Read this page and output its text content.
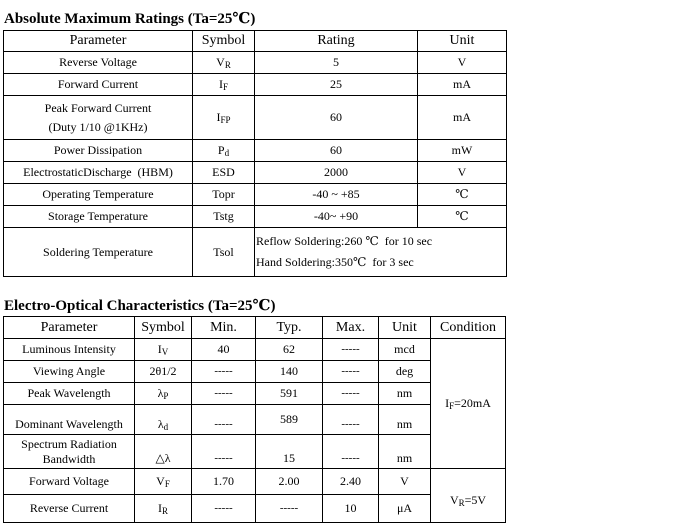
Absolute Maximum Ratings (Ta=25℃)
Parameter	Symbol	Rating	Unit
Reverse Voltage	$V_R$	5	V
Forward Current	$I_F$	25	mA

Peak Forward Current
(Duty 1/10 @1KHz)	$I_{FP}$	60	mA
Power Dissipation	$P_d$	60	mW
ElectrostaticDischarge  (HBM)	ESD	2000	V
Operating Temperature	Topr	-40 ~ +85	℃
Storage Temperature	Tstg	-40~ +90	℃
Soldering Temperature	Tsol	Reflow Soldering:260 ℃  for 10 sec
Hand Soldering:350℃  for 3 sec	
Electro-Optical Characteristics (Ta=25℃)
Parameter	Symbol	Min.	Typ.	Max.	Unit	Condition
Luminous Intensity	$I_V$	40	62	-----	mcd	$I_F=20mA$
Viewing Angle	2θ1/2	-----	140	-----	deg	
Peak Wavelength	$\lambda_P$	-----	591	-----	nm	
Dominant Wavelength	$\lambda_d$	-----	589	-----	nm	

Spectrum Radiation
Bandwidth	△λ	-----	15	-----	nm	
Forward Voltage	$V_F$	1.70	2.00	2.40	V	$V_R=5V$
Reverse Current	$I_R$	-----	-----	10	μA	
